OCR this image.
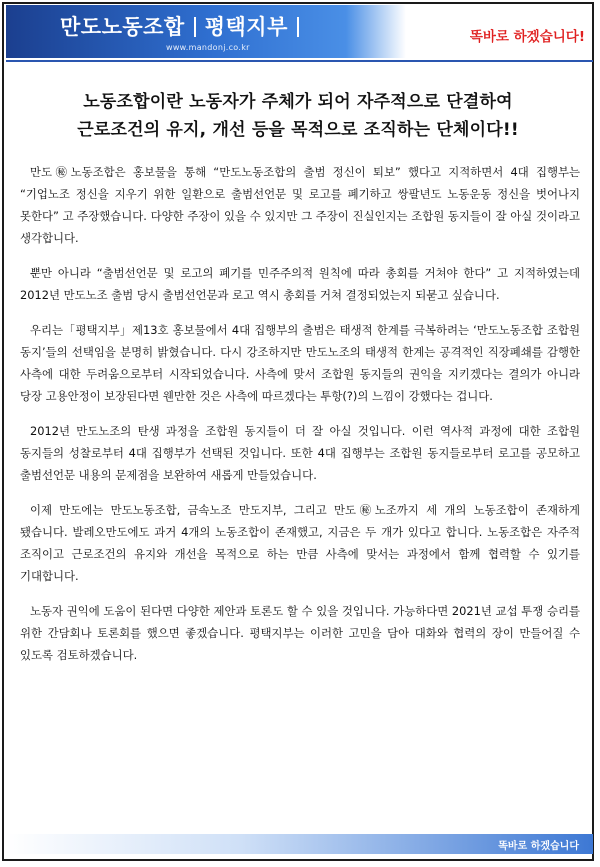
만도노동조합 평택지부
www.mandonj.co.kr
똑바로 하겠습니다!
노동조합이란 노동자가 주체가 되어 자주적으로 단결하여
근로조건의 유지, 개선 등을 목적으로 조직하는 단체이다!!

만도㊙노동조합은 홍보물을 통해 “만도노동조합의 출범 정신이 퇴보” 했다고 지적하면서 4대 집행부는 “기업노조 정신을 지우기 위한 일환으로 출범선언문 및 로고를 폐기하고 쌍팔년도 노동운동 정신을 벗어나지 못한다” 고 주장했습니다. 다양한 주장이 있을 수 있지만 그 주장이 진실인지는 조합원 동지들이 잘 아실 것이라고 생각합니다.

뿐만 아니라 “출범선언문 및 로고의 폐기를 민주주의적 원칙에 따라 총회를 거쳐야 한다” 고 지적하였는데 2012년 만도노조 출범 당시 출범선언문과 로고 역시 총회를 거쳐 결정되었는지 되묻고 싶습니다.

우리는「평택지부」제13호 홍보물에서 4대 집행부의 출범은 태생적 한계를 극복하려는 ‘만도노동조합 조합원 동지’들의 선택임을 분명히 밝혔습니다. 다시 강조하지만 만도노조의 태생적 한계는 공격적인 직장폐쇄를 감행한 사측에 대한 두려움으로부터 시작되었습니다. 사측에 맞서 조합원 동지들의 권익을 지키겠다는 결의가 아니라 당장 고용안정이 보장된다면 웬만한 것은 사측에 따르겠다는 투항(?)의 느낌이 강했다는 겁니다.

2012년 만도노조의 탄생 과정을 조합원 동지들이 더 잘 아실 것입니다. 이런 역사적 과정에 대한 조합원 동지들의 성찰로부터 4대 집행부가 선택된 것입니다. 또한 4대 집행부는 조합원 동지들로부터 로고를 공모하고 출범선언문 내용의 문제점을 보완하여 새롭게 만들었습니다.

이제 만도에는 만도노동조합, 금속노조 만도지부, 그리고 만도㊙노조까지 세 개의 노동조합이 존재하게 됐습니다. 발레오만도에도 과거 4개의 노동조합이 존재했고, 지금은 두 개가 있다고 합니다. 노동조합은 자주적 조직이고 근로조건의 유지와 개선을 목적으로 하는 만큼 사측에 맞서는 과정에서 함께 협력할 수 있기를 기대합니다.

노동자 권익에 도움이 된다면 다양한 제안과 토론도 할 수 있을 것입니다. 가능하다면 2021년 교섭 투쟁 승리를 위한 간담회나 토론회를 했으면 좋겠습니다. 평택지부는 이러한 고민을 담아 대화와 협력의 장이 만들어질 수 있도록 검토하겠습니다.

똑바로 하겠습니다
